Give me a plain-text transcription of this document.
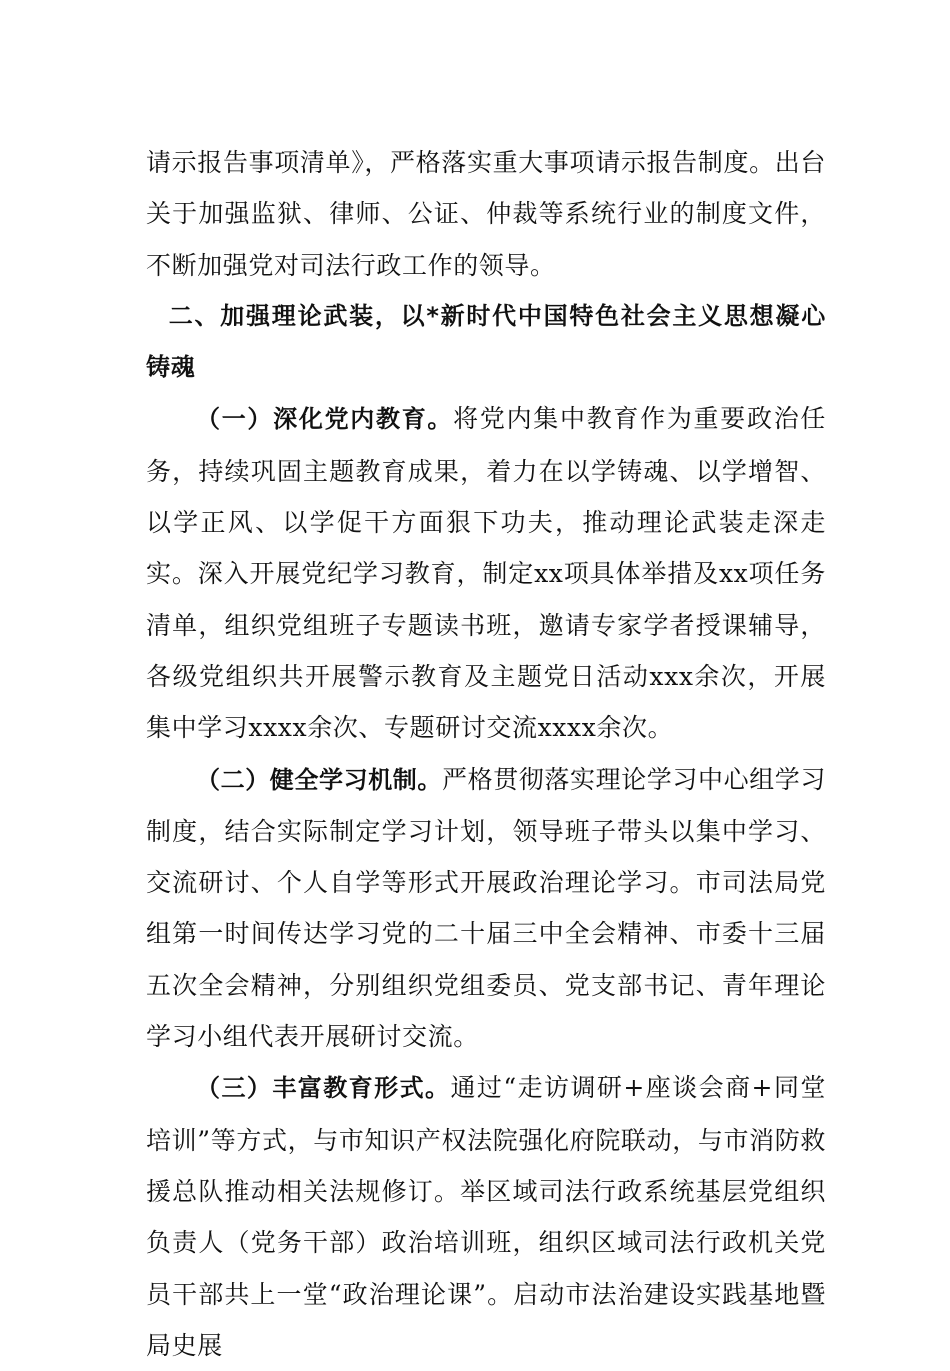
请示报告事项清单》，严格落实重大事项请示报告制度。出台关于加强监狱、律师、公证、仲裁等系统行业的制度文件，不断加强党对司法行政工作的领导。

二、加强理论武装，以*新时代中国特色社会主义思想凝心铸魂

（一）深化党内教育。将党内集中教育作为重要政治任务，持续巩固主题教育成果，着力在以学铸魂、以学增智、以学正风、以学促干方面狠下功夫，推动理论武装走深走实。深入开展党纪学习教育，制定xx项具体举措及xx项任务清单，组织党组班子专题读书班，邀请专家学者授课辅导，各级党组织共开展警示教育及主题党日活动xxx余次，开展集中学习xxxx余次、专题研讨交流xxxx余次。

（二）健全学习机制。严格贯彻落实理论学习中心组学习制度，结合实际制定学习计划，领导班子带头以集中学习、交流研讨、个人自学等形式开展政治理论学习。市司法局党组第一时间传达学习党的二十届三中全会精神、市委十三届五次全会精神，分别组织党组委员、党支部书记、青年理论学习小组代表开展研讨交流。

（三）丰富教育形式。通过“走访调研+座谈会商+同堂培训”等方式，与市知识产权法院强化府院联动，与市消防救援总队推动相关法规修订。举区域司法行政系统基层党组织负责人（党务干部）政治培训班，组织区域司法行政机关党员干部共上一堂“政治理论课”。启动市法治建设实践基地暨局史展
